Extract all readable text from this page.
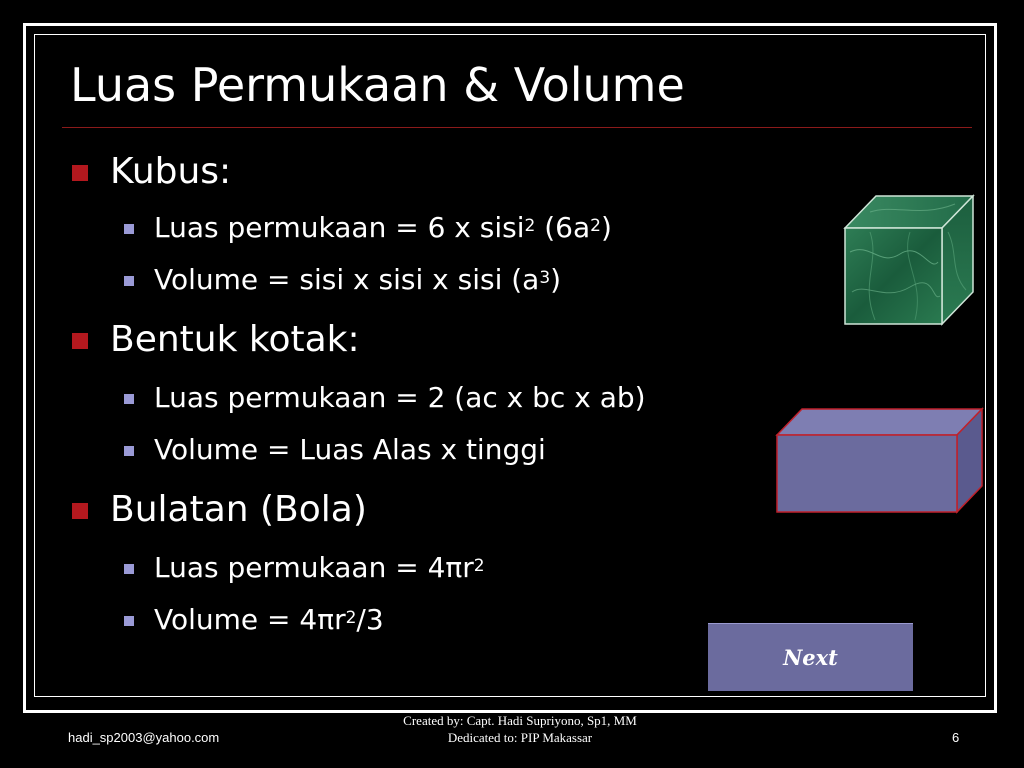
Luas Permukaan & Volume
Kubus:
Luas permukaan = 6 x sisi$^2$ $(6a^2)$
Volume = sisi x sisi x sisi $(a^3)$
Bentuk kotak:
Luas permukaan = 2 (ac x bc x ab)
Volume = Luas Alas x tinggi
Bulatan (Bola)
Luas permukaan = $4\pi r^2$
Volume = $4\pi r^2/3$
Next
hadi_sp2003@yahoo.com
Created by: Capt. Hadi Supriyono, Sp1, MM
Dedicated to: PIP Makassar	6
